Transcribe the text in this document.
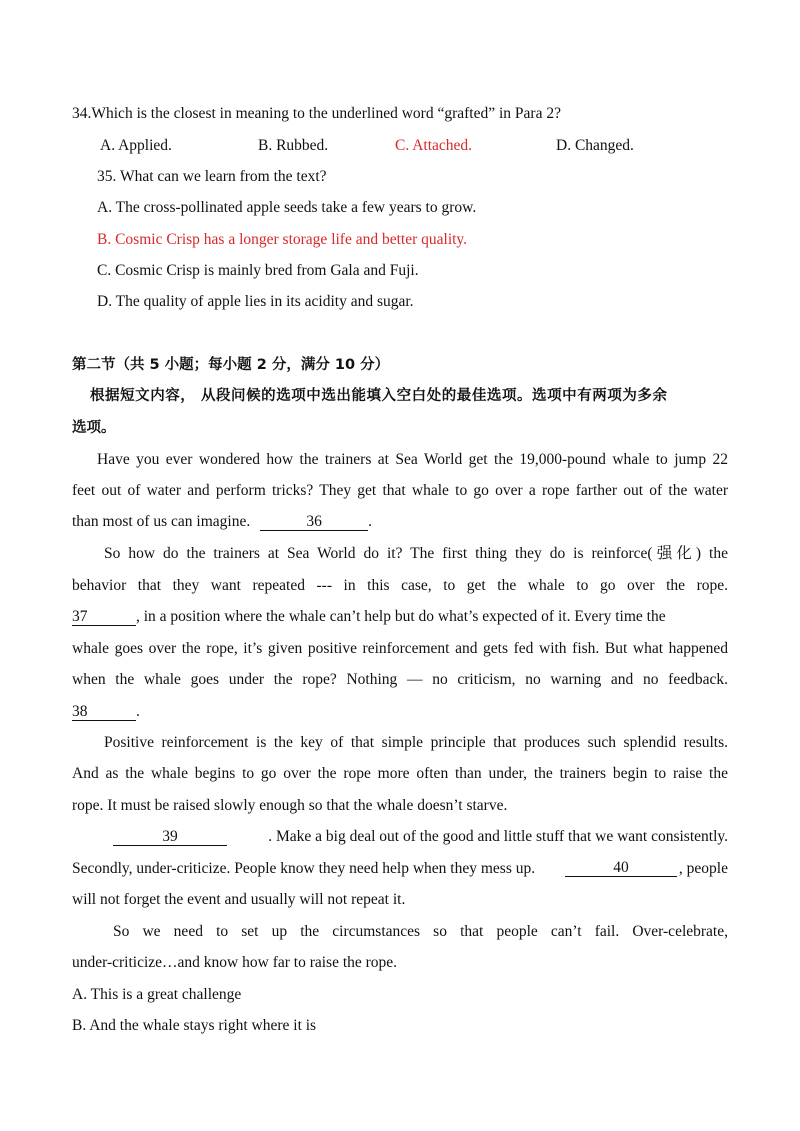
34.Which is the closest in meaning to the underlined word “grafted” in Para 2?
A. Applied.	B. Rubbed.	C. Attached.	D. Changed.
35. What can we learn from the text?
A. The cross-pollinated apple seeds take a few years to grow.
B. Cosmic Crisp has a longer storage life and better quality.
C. Cosmic Crisp is mainly bred from Gala and Fuji.
D. The quality of apple lies in its acidity and sugar.
第二节（共 5 小题；每小题 2 分，满分 10 分）
根据短文内容， 从段问候的选项中选出能填入空白处的最佳选项。选项中有两项为多余
选项。
Have you ever wondered how the trainers at Sea World get the 19,000-pound whale to jump 22
feet out of water and perform tricks? They get that whale to go over a rope farther out of the water
than most of us can imagine.	36	.
So how do the trainers at Sea World do it? The first thing they do is reinforce(强化) the
behavior that they want repeated --- in this case, to get the whale to go over the rope.
37	, in a position where the whale can’t help but do what’s expected of it. Every time the
whale goes over the rope, it’s given positive reinforcement and gets fed with fish. But what happened
when the whale goes under the rope? Nothing — no criticism, no warning and no feedback.
38	.
Positive reinforcement is the key of that simple principle that produces such splendid results.
And as the whale begins to go over the rope more often than under, the trainers begin to raise the
rope. It must be raised slowly enough so that the whale doesn’t starve.
39	. Make a big deal out of the good and little stuff that we want consistently.
Secondly, under-criticize. People know they need help when they mess up.	40	, people
will not forget the event and usually will not repeat it.
So we need to set up the circumstances so that people can’t fail. Over-celebrate,
under-criticize…and know how far to raise the rope.
A. This is a great challenge
B. And the whale stays right where it is
